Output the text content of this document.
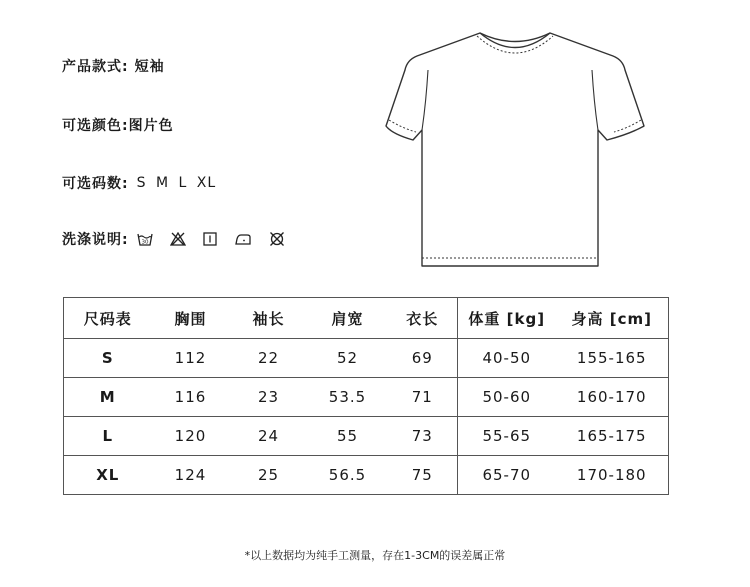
产品款式: 短袖
可选颜色: 图片色
可选码数: S M L XL
洗涤说明: 30
尺码表	胸围	袖长	肩宽	衣长	体重 [kg]	身高 [cm]
S	112	22	52	69	40-50	155-165
M	116	23	53.5	71	50-60	160-170
L	120	24	55	73	55-65	165-175
XL	124	25	56.5	75	65-70	170-180
*以上数据均为纯手工测量，存在1-3CM的误差属正常
